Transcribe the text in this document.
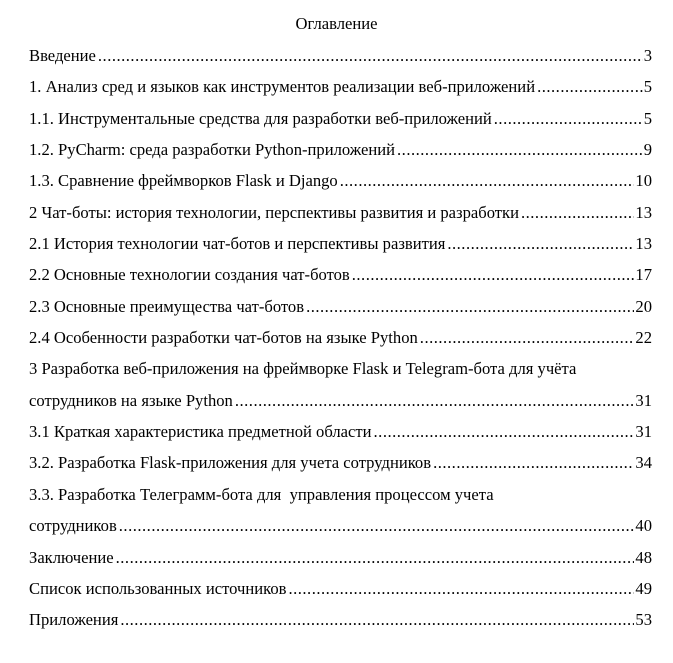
Оглавление
Введение .....	3
1. Анализ сред и языков как инструментов реализации веб-приложений .....	5
1.1. Инструментальные средства для разработки веб-приложений .....	5
1.2. PyCharm: среда разработки Python-приложений .....	9
1.3. Сравнение фреймворков Flask и Django .....	10
2 Чат-боты: история технологии, перспективы развития и разработки .....	13
2.1 История технологии чат-ботов и перспективы развития .....	13
2.2 Основные технологии создания чат-ботов .....	17
2.3 Основные преимущества чат-ботов .....	20
2.4 Особенности разработки чат-ботов на языке Python .....	22
3 Разработка веб-приложения на фреймворке Flask и Telegram-бота для учёта
сотрудников на языке Python .....	31
3.1 Краткая характеристика предметной области .....	31
3.2. Разработка Flask-приложения для учета сотрудников .....	34
3.3. Разработка Телеграмм-бота для  управления процессом учета
сотрудников .....	40
Заключение .....	48
Список использованных источников .....	49
Приложения .....	53
